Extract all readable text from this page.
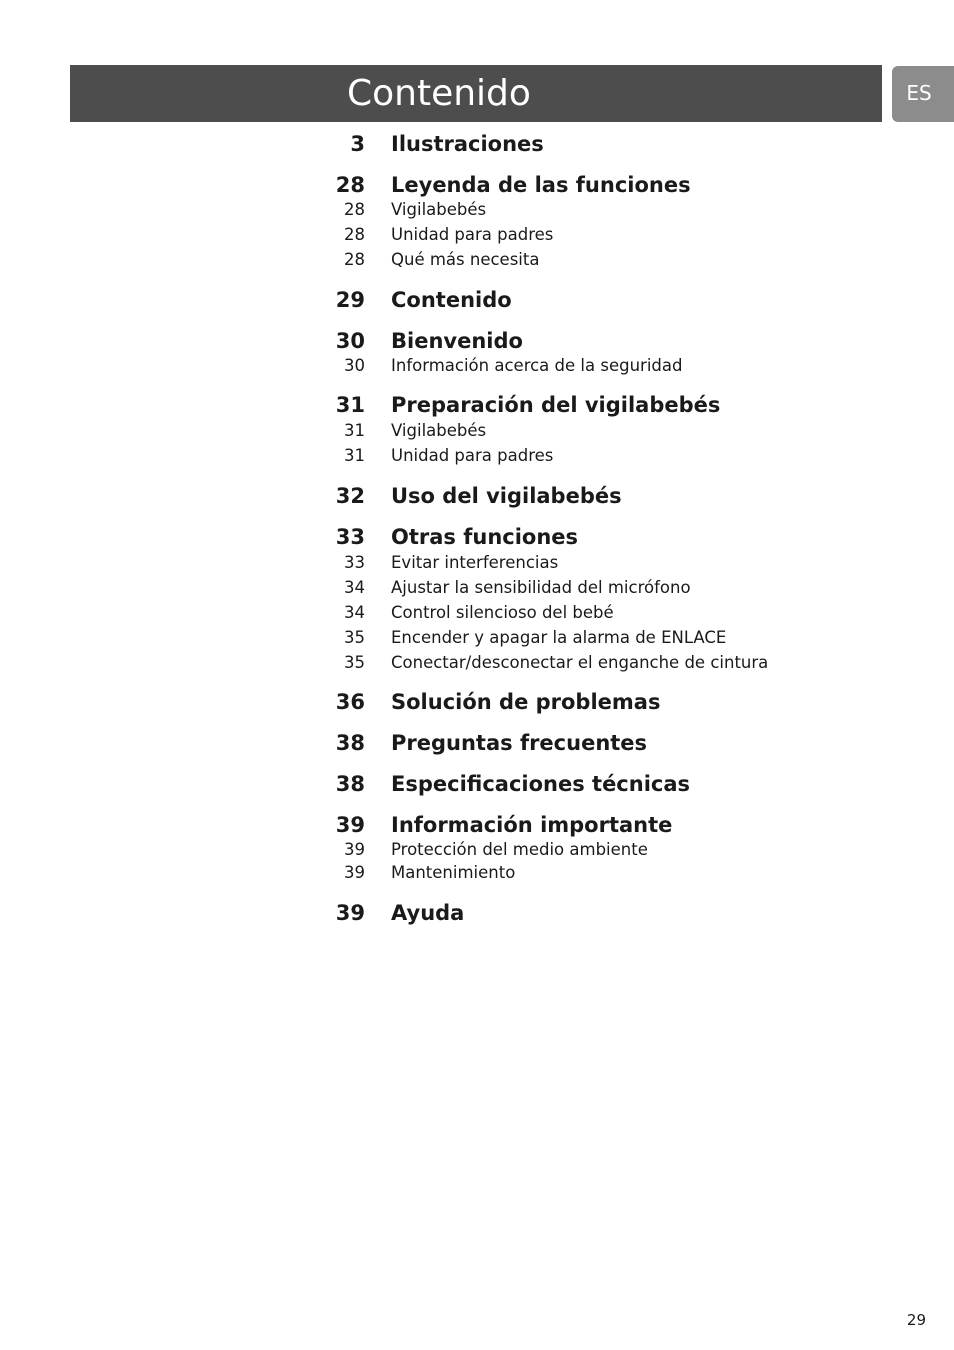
Contenido	ES
3 Ilustraciones
28 Leyenda de las funciones
28 Vigilabebés
28 Unidad para padres
28 Qué más necesita
29 Contenido
30 Bienvenido
30 Información acerca de la seguridad
31 Preparación del vigilabebés
31 Vigilabebés
31 Unidad para padres
32 Uso del vigilabebés
33 Otras funciones
33 Evitar interferencias
34 Ajustar la sensibilidad del micrófono
34 Control silencioso del bebé
35 Encender y apagar la alarma de ENLACE
35 Conectar/desconectar el enganche de cintura
36 Solución de problemas
38 Preguntas frecuentes
38 Especificaciones técnicas
39 Información importante
39 Protección del medio ambiente
39 Mantenimiento
39 Ayuda
29
